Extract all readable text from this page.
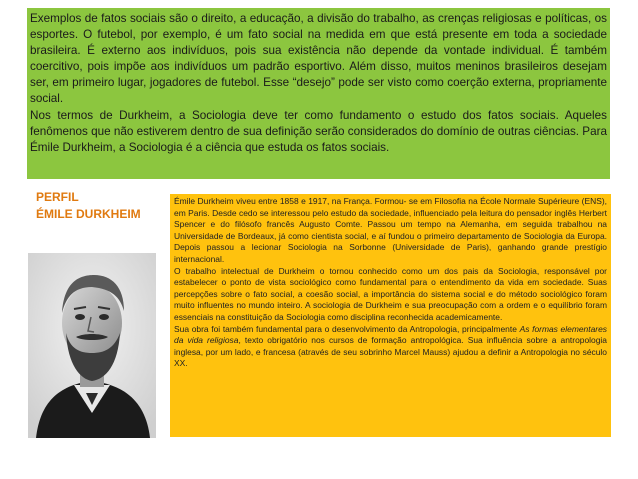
Exemplos de fatos sociais são o direito, a educação, a divisão do trabalho, as crenças religiosas e políticas, os esportes. O futebol, por exemplo, é um fato social na medida em que está presente em toda a sociedade brasileira. É externo aos indivíduos, pois sua existência não depende da vontade individual. É também coercitivo, pois impõe aos indivíduos um padrão esportivo. Além disso, muitos meninos brasileiros desejam ser, em primeiro lugar, jogadores de futebol. Esse “desejo” pode ser visto como coerção externa, propriamente social.

Nos termos de Durkheim, a Sociologia deve ter como fundamento o estudo dos fatos sociais. Aqueles fenômenos que não estiverem dentro de sua definição serão considerados do domínio de outras ciências. Para Émile Durkheim, a Sociologia é a ciência que estuda os fatos sociais.

PERFIL
ÉMILE DURKHEIM

Émile Durkheim viveu entre 1858 e 1917, na França. Formou- se em Filosofia na École Normale Supérieure (ENS), em Paris. Desde cedo se interessou pelo estudo da sociedade, influenciado pela leitura do pensador inglês Herbert Spencer e do filósofo francês Augusto Comte. Passou um tempo na Alemanha, em seguida trabalhou na Universidade de Bordeaux, já como cientista social, e aí fundou o primeiro departamento de Sociologia da Europa. Depois passou a lecionar Sociologia na Sorbonne (Universidade de Paris), ganhando grande prestígio internacional.

O trabalho intelectual de Durkheim o tornou conhecido como um dos pais da Sociologia, responsável por estabelecer o ponto de vista sociológico como fundamental para o entendimento da vida em sociedade. Suas percepções sobre o fato social, a coesão social, a importância do sistema social e do método sociológico foram muito influentes no mundo inteiro. A sociologia de Durkheim e sua preocupação com a ordem e o equilíbrio foram essenciais na constituição da Sociologia como disciplina reconhecida academicamente.

Sua obra foi também fundamental para o desenvolvimento da Antropologia, principalmente As formas elementares da vida religiosa, texto obrigatório nos cursos de formação antropológica. Sua influência sobre a antropologia inglesa, por um lado, e francesa (através de seu sobrinho Marcel Mauss) ajudou a definir a Antropologia no século XX.
